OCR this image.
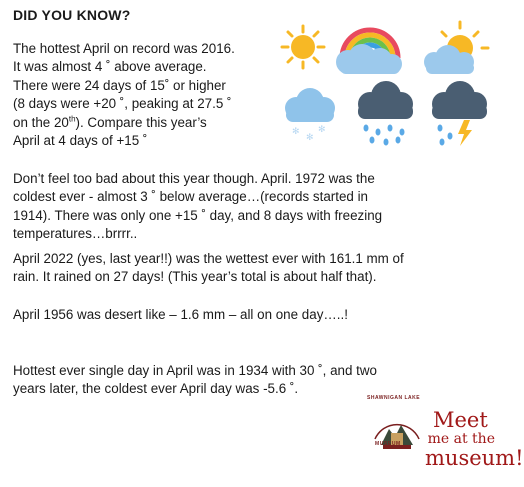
DID YOU KNOW?

The hottest April on record was 2016.
It was almost 4 ˚ above average.
There were 24 days of 15˚ or higher
(8 days were +20 ˚, peaking at 27.5 ˚
on the 20th). Compare this year’s
April at 4 days of +15 ˚

Don’t feel too bad about this year though. April. 1972 was the
coldest ever - almost 3 ˚ below average…(records started in
1914). There was only one +15 ˚ day, and 8 days with freezing
temperatures…brrrr..

April 2022 (yes, last year!!) was the wettest ever with 161.1 mm of
rain. It rained on 27 days! (This year’s total is about half that).

April 1956 was desert like – 1.6 mm – all on one day…..!

Hottest ever single day in April was in 1934 with 30 ˚, and two
years later, the coldest ever April day was -5.6 ˚.

✻
✻
✻
SHAWNIGAN LAKE
MUSEUM
Meet
me at the
museum!
